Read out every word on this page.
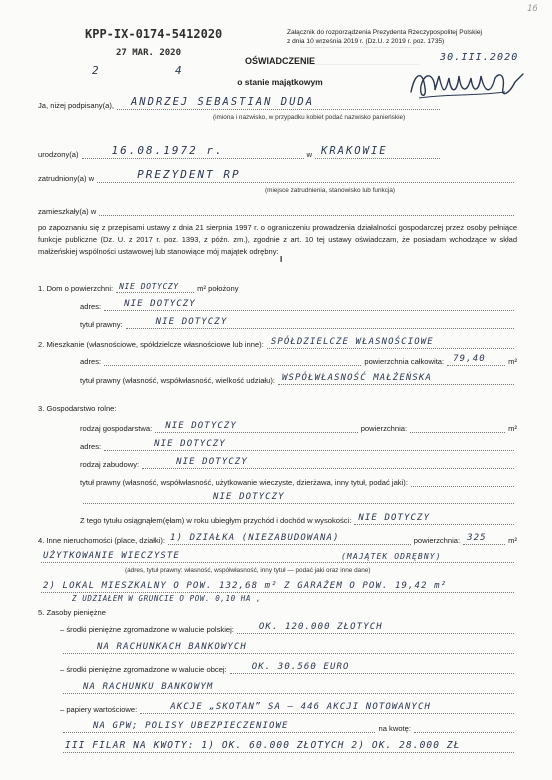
16
KPP-IX-0174-5412020
27 MAR. 2020
2	4
Załącznik do rozporządzenia Prezydenta Rzeczypospolitej Polskiej
z dnia 10 września 2019 r. (Dz.U. z 2019 r. poz. 1735)
30.III.2020
OŚWIADCZENIE
o stanie majątkowym
Ja, niżej podpisany(a), ANDRZEJ SEBASTIAN DUDA
(imiona i nazwisko, w przypadku kobiet podać nazwisko panieńskie)
urodzony(a)	16.08.1972 r.	w KRAKOWIE
zatrudniony(a) w	PREZYDENT RP
(miejsce zatrudnienia, stanowisko lub funkcja)
zamieszkały(a) w
po zapoznaniu się z przepisami ustawy z dnia 21 sierpnia 1997 r. o ograniczeniu prowadzenia działalności gospodarczej przez osoby pełniące funkcje publiczne (Dz. U. z 2017 r. poz. 1393, z późn. zm.), zgodnie z art. 10 tej ustawy oświadczam, że posiadam wchodzące w skład małżeńskiej wspólności ustawowej lub stanowiące mój majątek odrębny:
I
1. Dom o powierzchni: NIE DOTYCZY m² położony
adres:	NIE DOTYCZY
tytuł prawny:	NIE DOTYCZY
2. Mieszkanie (własnościowe, spółdzielcze własnościowe lub inne): SPÓŁDZIELCZE WŁASNOŚCIOWE
adres:	powierzchnia całkowita: 79,40	m²
tytuł prawny (własność, współwłasność, wielkość udziału): WSPÓŁWŁASNOŚĆ MAŁŻEŃSKA
3. Gospodarstwo rolne:
rodzaj gospodarstwa: NIE DOTYCZY	powierzchnia:	m²
adres:	NIE DOTYCZY
rodzaj zabudowy:	NIE DOTYCZY
tytuł prawny (własność, współwłasność, użytkowanie wieczyste, dzierżawa, inny tytuł, podać jaki):
NIE DOTYCZY
Z tego tytułu osiągnąłem(ęłam) w roku ubiegłym przychód i dochód w wysokości: NIE DOTYCZY
4. Inne nieruchomości (place, działki): 1) DZIAŁKA (NIEZABUDOWANA)	powierzchnia: 325	m²
UŻYTKOWANIE WIECZYSTE	(MAJĄTEK ODRĘBNY)
(adres, tytuł prawny: własność, współwłasność, inny tytuł — podać jaki oraz inne dane)
2) LOKAL MIESZKALNY O POW. 132,68 m² Z GARAŻEM O POW. 19,42 m²
Z UDZIAŁEM W GRUNCIE O POW. 0,10 HA ,
5. Zasoby pieniężne
– środki pieniężne zgromadzone w walucie polskiej:	OK. 120.000 ZŁOTYCH
NA RACHUNKACH BANKOWYCH
– środki pieniężne zgromadzone w walucie obcej:	OK. 30.560 EURO
NA RACHUNKU BANKOWYM
– papiery wartościowe:	AKCJE „SKOTAN” SA – 446 AKCJI NOTOWANYCH
NA GPW; POLISY UBEZPIECZENIOWE	na kwotę:
III FILAR NA KWOTY: 1) OK. 60.000 ZŁOTYCH 2) OK. 28.000 ZŁ
